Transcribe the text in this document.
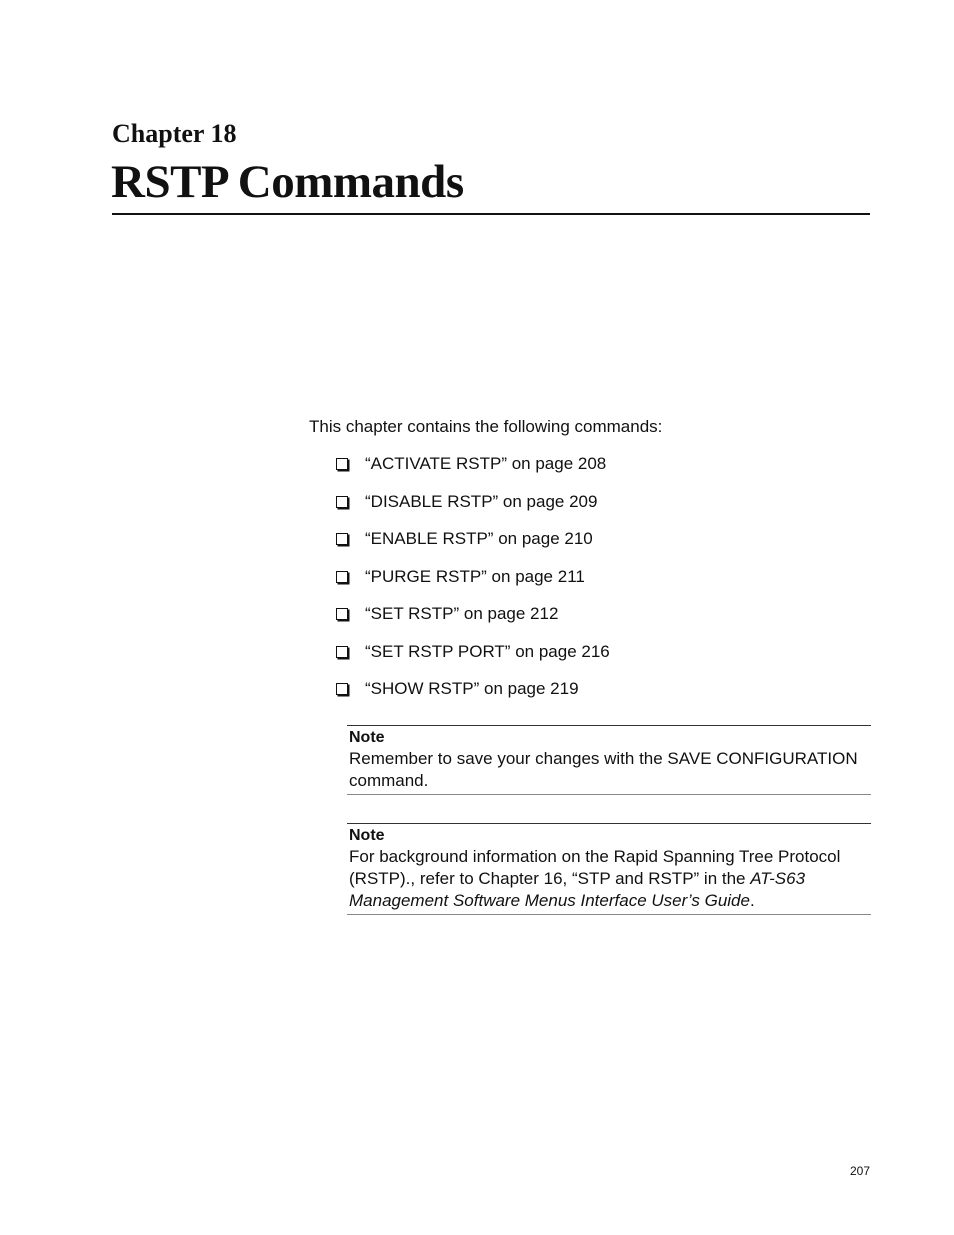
Chapter 18
RSTP Commands
This chapter contains the following commands:
“ACTIVATE RSTP” on page 208
“DISABLE RSTP” on page 209
“ENABLE RSTP” on page 210
“PURGE RSTP” on page 211
“SET RSTP” on page 212
“SET RSTP PORT” on page 216
“SHOW RSTP” on page 219
Note
Remember to save your changes with the SAVE CONFIGURATION command.
Note
For background information on the Rapid Spanning Tree Protocol (RSTP)., refer to Chapter 16, “STP and RSTP” in the AT-S63 Management Software Menus Interface User’s Guide.
207
